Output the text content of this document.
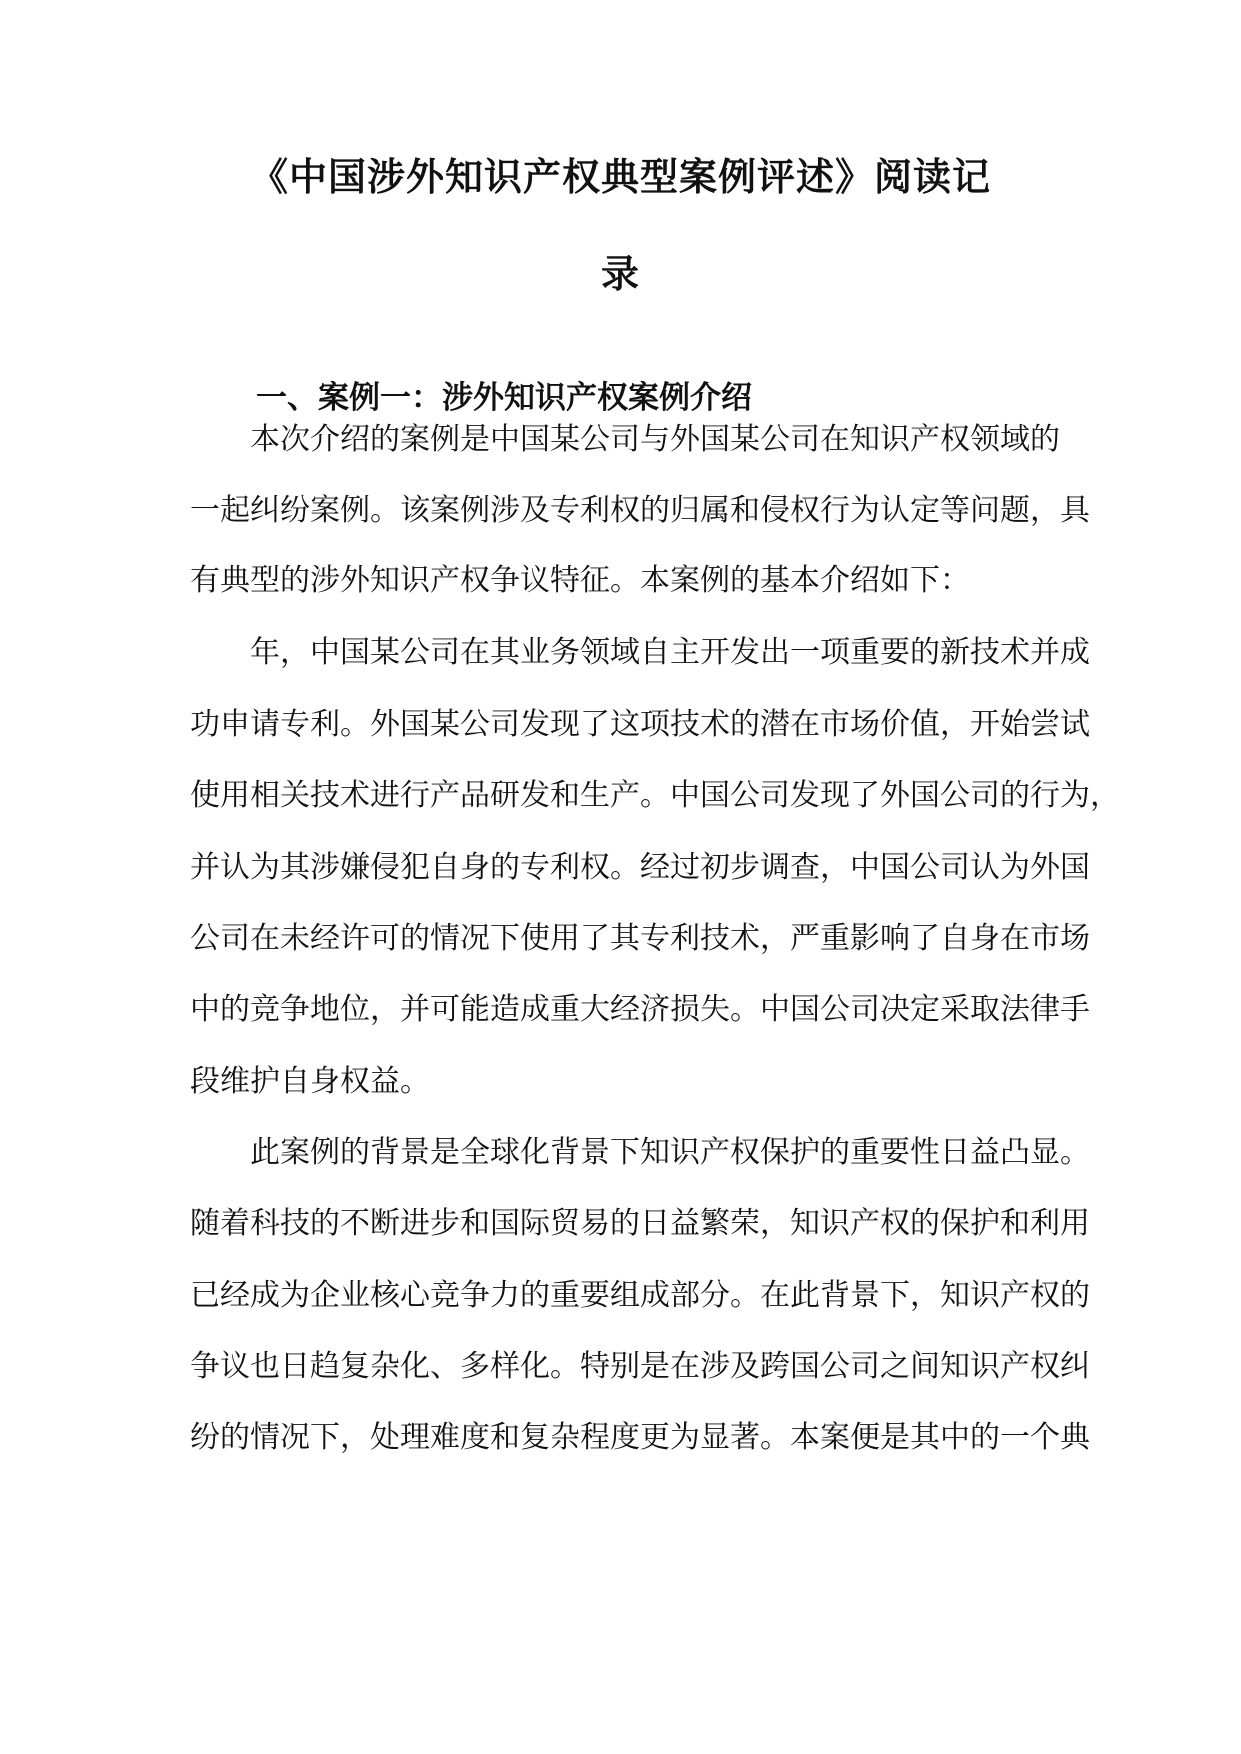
《中国涉外知识产权典型案例评述》阅读记
录
一、案例一：涉外知识产权案例介绍

本次介绍的案例是中国某公司与外国某公司在知识产权领域的

一起纠纷案例。该案例涉及专利权的归属和侵权行为认定等问题，具

有典型的涉外知识产权争议特征。本案例的基本介绍如下：

年，中国某公司在其业务领域自主开发出一项重要的新技术并成

功申请专利。外国某公司发现了这项技术的潜在市场价值，开始尝试

使用相关技术进行产品研发和生产。中国公司发现了外国公司的行为，

并认为其涉嫌侵犯自身的专利权。经过初步调查，中国公司认为外国

公司在未经许可的情况下使用了其专利技术，严重影响了自身在市场

中的竞争地位，并可能造成重大经济损失。中国公司决定采取法律手

段维护自身权益。

此案例的背景是全球化背景下知识产权保护的重要性日益凸显。

随着科技的不断进步和国际贸易的日益繁荣，知识产权的保护和利用

已经成为企业核心竞争力的重要组成部分。在此背景下，知识产权的

争议也日趋复杂化、多样化。特别是在涉及跨国公司之间知识产权纠

纷的情况下，处理难度和复杂程度更为显著。本案便是其中的一个典
